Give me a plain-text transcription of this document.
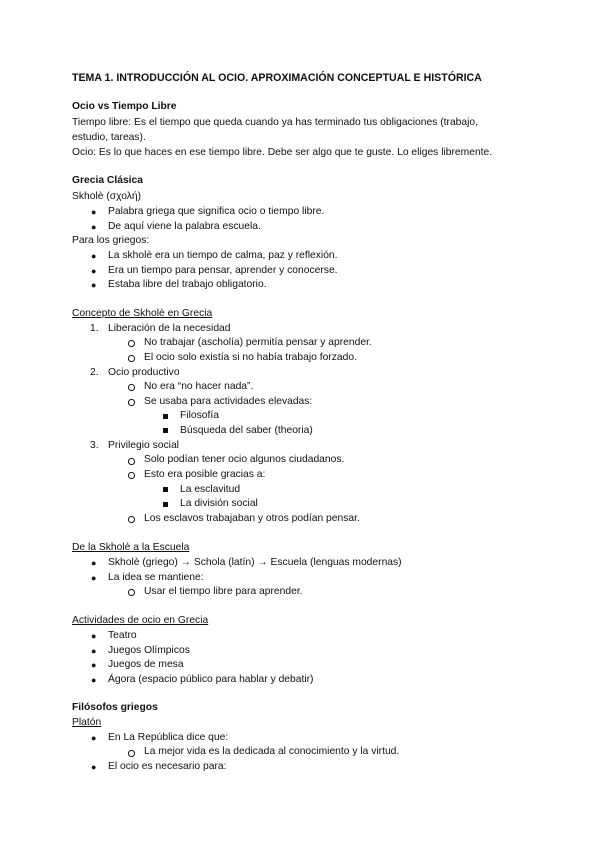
TEMA 1. INTRODUCCIÓN AL OCIO. APROXIMACIÓN CONCEPTUAL E HISTÓRICA
Ocio vs Tiempo Libre
Tiempo libre: Es el tiempo que queda cuando ya has terminado tus obligaciones (trabajo,
estudio, tareas).
Ocio: Es lo que haces en ese tiempo libre. Debe ser algo que te guste. Lo eliges libremente.
Grecia Clásica
Skholè (σχολή)
● Palabra griega que significa ocio o tiempo libre.
● De aquí viene la palabra escuela.
Para los griegos:
● La skholè era un tiempo de calma, paz y reflexión.
● Era un tiempo para pensar, aprender y conocerse.
● Estaba libre del trabajo obligatorio.
Concepto de Skholè en Grecia
1. Liberación de la necesidad
No trabajar (ascholía) permitía pensar y aprender.
El ocio solo existía si no había trabajo forzado.
2. Ocio productivo
No era “no hacer nada”.
Se usaba para actividades elevadas:
Filosofía
Búsqueda del saber (theoria)
3. Privilegio social
Solo podían tener ocio algunos ciudadanos.
Esto era posible gracias a:
La esclavitud
La división social
Los esclavos trabajaban y otros podían pensar.
De la Skholè a la Escuela
● Skholè (griego) → Schola (latín) → Escuela (lenguas modernas)
● La idea se mantiene:
Usar el tiempo libre para aprender.
Actividades de ocio en Grecia
● Teatro
● Juegos Olímpicos
● Juegos de mesa
● Ágora (espacio público para hablar y debatir)
Filósofos griegos
Platón
● En La República dice que:
La mejor vida es la dedicada al conocimiento y la virtud.
● El ocio es necesario para:
